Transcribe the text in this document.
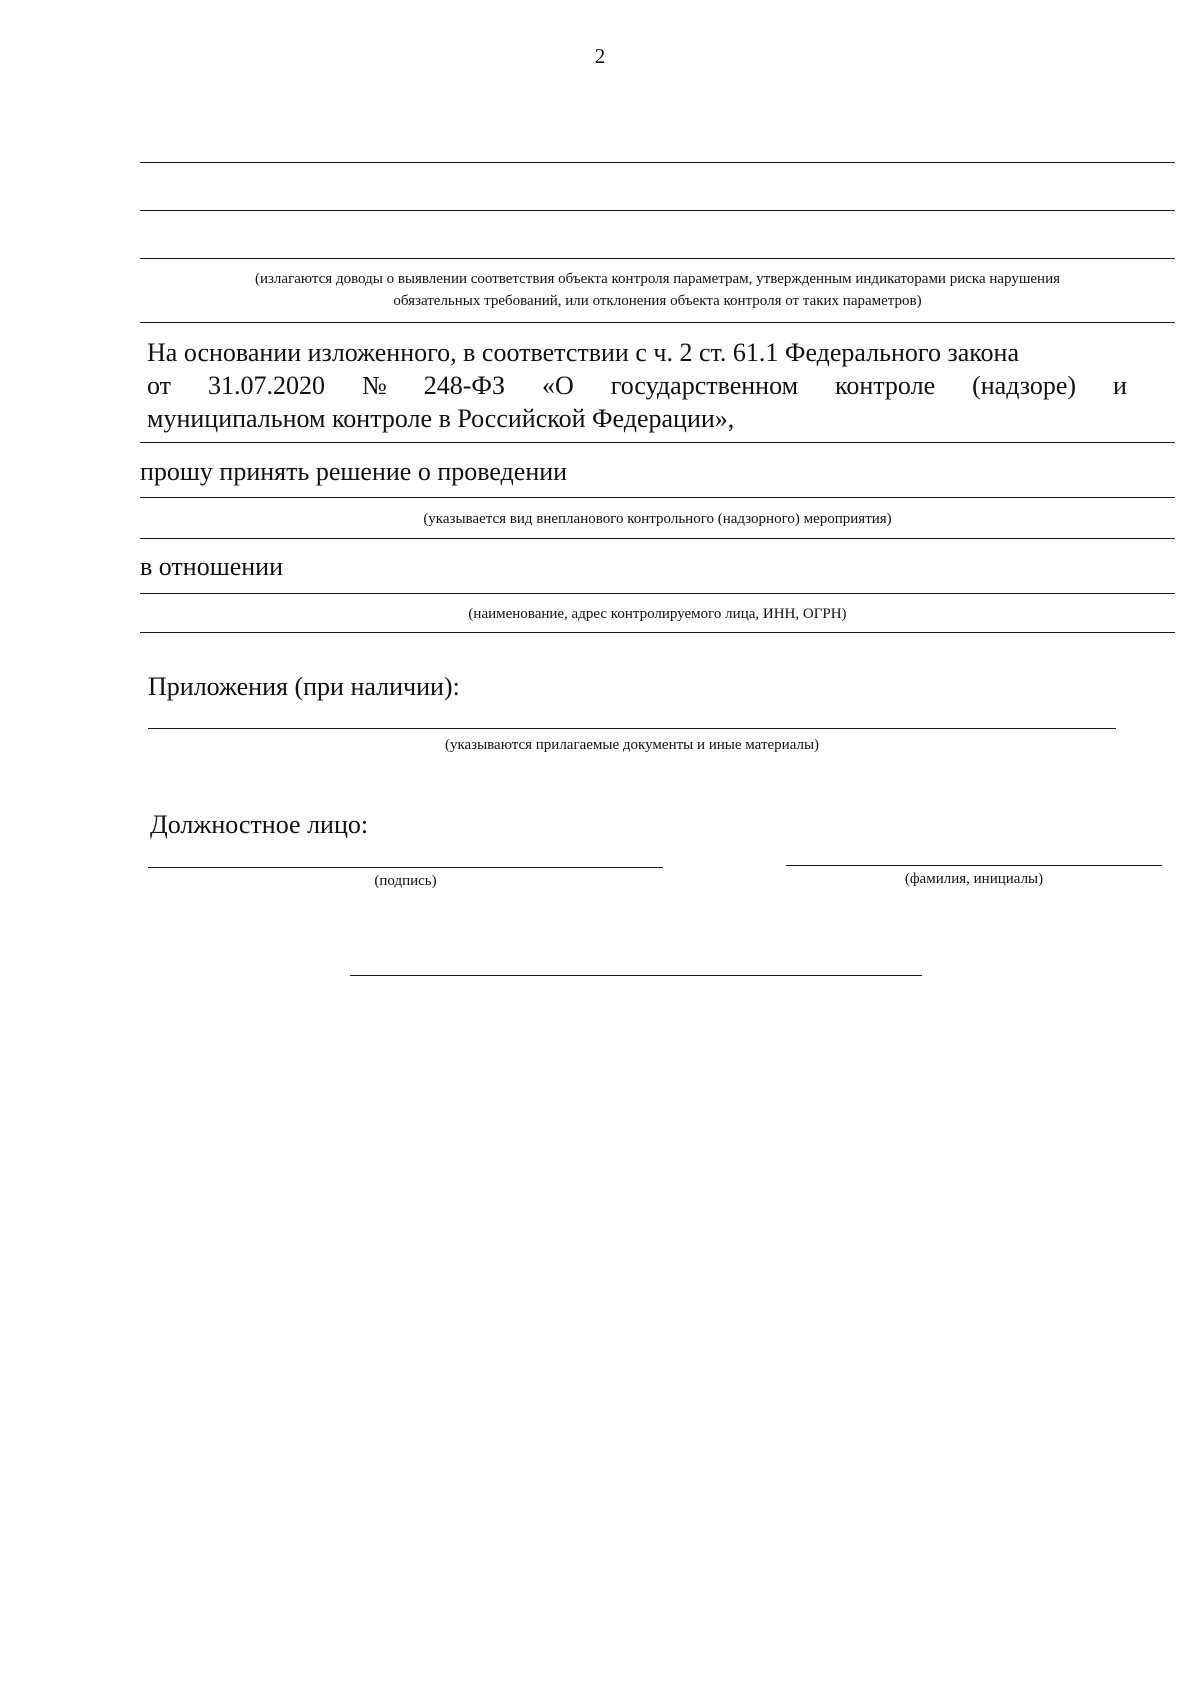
2
(излагаются доводы о выявлении соответствия объекта контроля параметрам, утвержденным индикаторами риска нарушения
обязательных требований, или отклонения объекта контроля от таких параметров)
На основании изложенного, в соответствии с ч. 2 ст. 61.1 Федерального закона
от 31.07.2020 № 248-ФЗ «О государственном контроле (надзоре) и
муниципальном контроле в Российской Федерации»,
прошу принять решение о проведении
(указывается вид внепланового контрольного (надзорного) мероприятия)
в отношении
(наименование, адрес контролируемого лица, ИНН, ОГРН)
Приложения (при наличии):
(указываются прилагаемые документы и иные материалы)
Должностное лицо:
(подпись)	(фамилия, инициалы)
